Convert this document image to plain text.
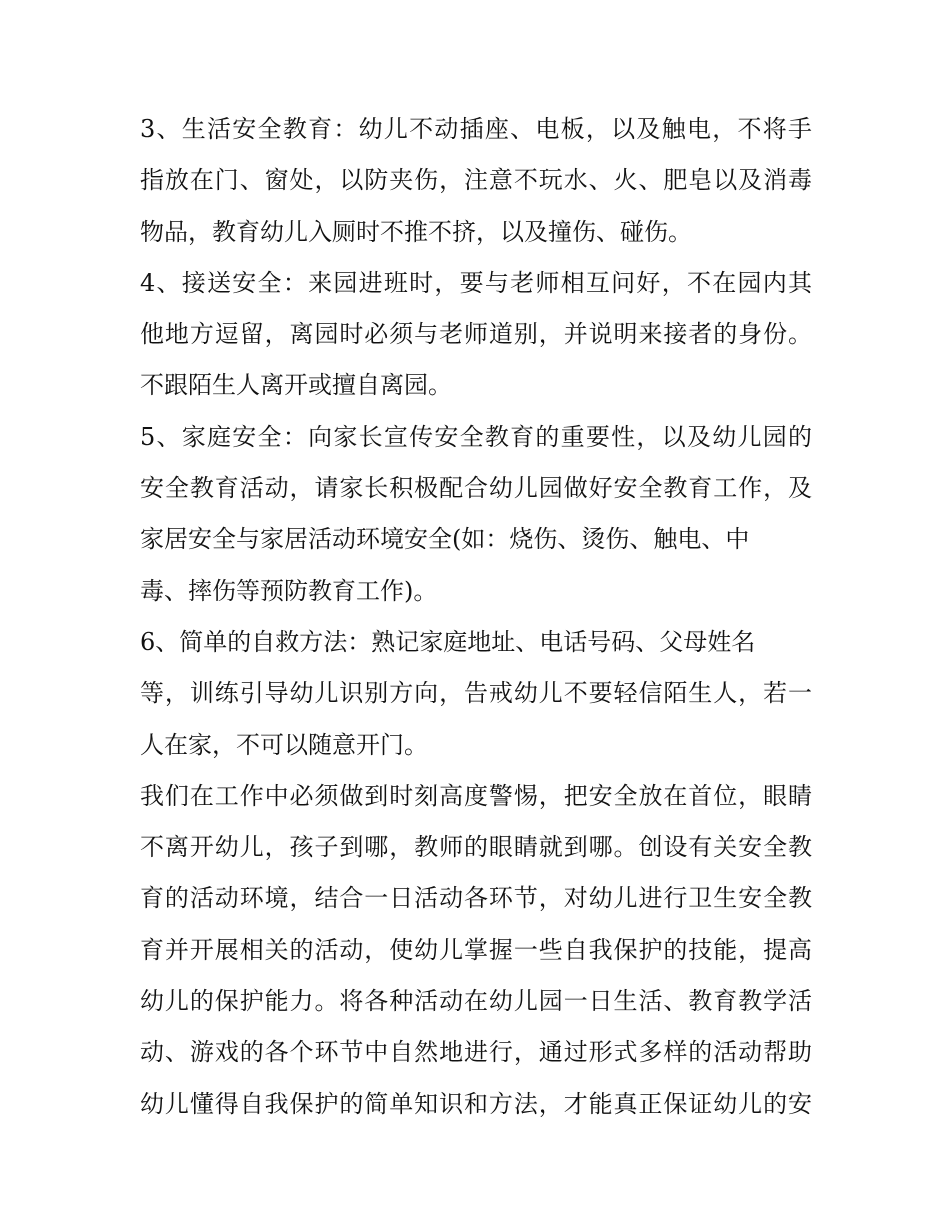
3、生活安全教育：幼儿不动插座、电板，以及触电，不将手
指放在门、窗处，以防夹伤，注意不玩水、火、肥皂以及消毒
物品，教育幼儿入厕时不推不挤，以及撞伤、碰伤。
4、接送安全：来园进班时，要与老师相互问好，不在园内其
他地方逗留，离园时必须与老师道别，并说明来接者的身份。
不跟陌生人离开或擅自离园。
5、家庭安全：向家长宣传安全教育的重要性，以及幼儿园的
安全教育活动，请家长积极配合幼儿园做好安全教育工作，及
家居安全与家居活动环境安全(如：烧伤、烫伤、触电、中
毒、摔伤等预防教育工作)。
6、简单的自救方法：熟记家庭地址、电话号码、父母姓名
等，训练引导幼儿识别方向，告戒幼儿不要轻信陌生人，若一
人在家，不可以随意开门。
我们在工作中必须做到时刻高度警惕，把安全放在首位，眼睛
不离开幼儿，孩子到哪，教师的眼睛就到哪。创设有关安全教
育的活动环境，结合一日活动各环节，对幼儿进行卫生安全教
育并开展相关的活动，使幼儿掌握一些自我保护的技能，提高
幼儿的保护能力。将各种活动在幼儿园一日生活、教育教学活
动、游戏的各个环节中自然地进行，通过形式多样的活动帮助
幼儿懂得自我保护的简单知识和方法，才能真正保证幼儿的安
